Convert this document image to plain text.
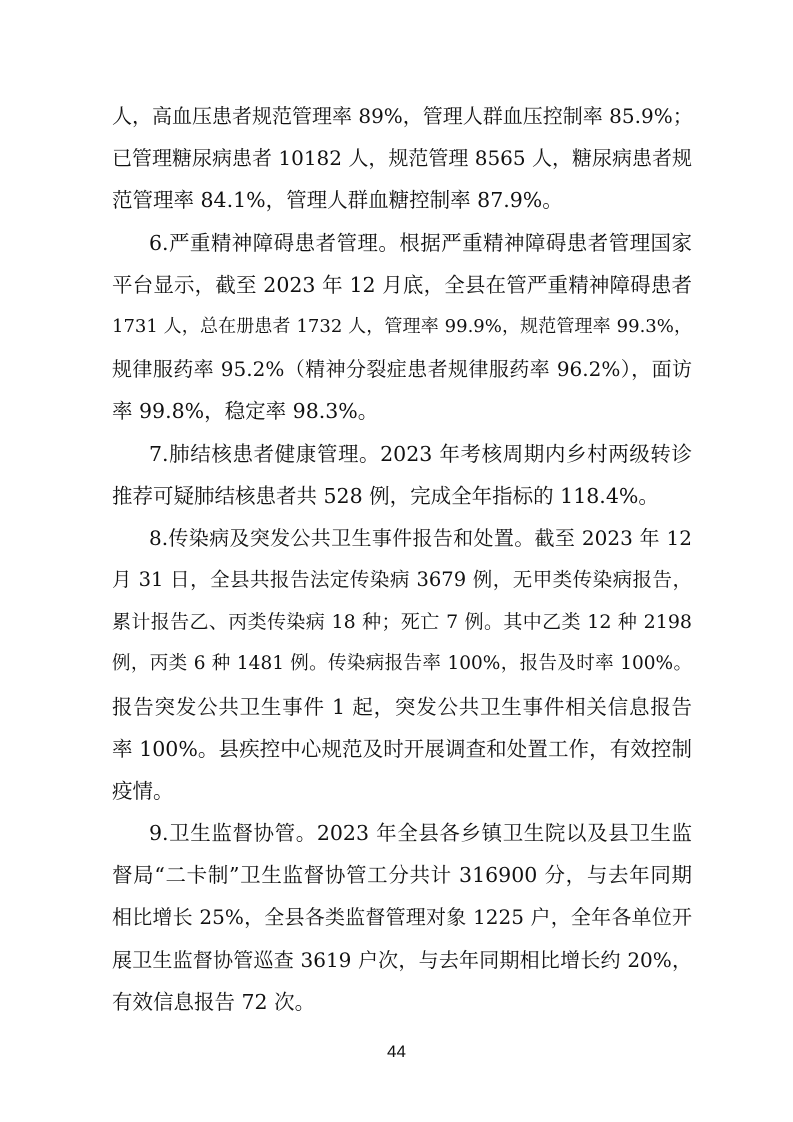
人，高血压患者规范管理率 89%，管理人群血压控制率 85.9%；
已管理糖尿病患者 10182 人，规范管理 8565 人，糖尿病患者规
范管理率 84.1%，管理人群血糖控制率 87.9%。
6.严重精神障碍患者管理。根据严重精神障碍患者管理国家
平台显示，截至 2023 年 12 月底，全县在管严重精神障碍患者
1731 人，总在册患者 1732 人，管理率 99.9%，规范管理率 99.3%，
规律服药率 95.2%（精神分裂症患者规律服药率 96.2%），面访
率 99.8%，稳定率 98.3%。
7.肺结核患者健康管理。2023 年考核周期内乡村两级转诊
推荐可疑肺结核患者共 528 例，完成全年指标的 118.4%。
8.传染病及突发公共卫生事件报告和处置。截至 2023 年 12
月 31 日，全县共报告法定传染病 3679 例，无甲类传染病报告，
累计报告乙、丙类传染病 18 种；死亡 7 例。其中乙类 12 种 2198
例，丙类 6 种 1481 例。传染病报告率 100%，报告及时率 100%。
报告突发公共卫生事件 1 起，突发公共卫生事件相关信息报告
率 100%。县疾控中心规范及时开展调查和处置工作，有效控制
疫情。
9.卫生监督协管。2023 年全县各乡镇卫生院以及县卫生监
督局“二卡制”卫生监督协管工分共计 316900 分，与去年同期
相比增长 25%，全县各类监督管理对象 1225 户，全年各单位开
展卫生监督协管巡查 3619 户次，与去年同期相比增长约 20%，
有效信息报告 72 次。
44
